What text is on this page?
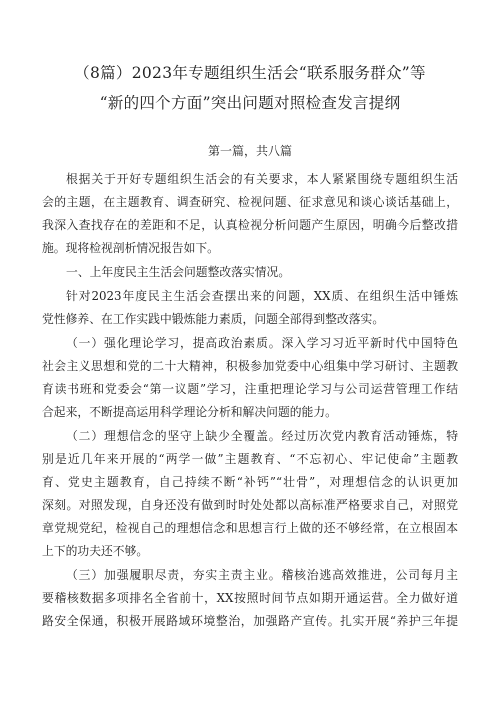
（8篇）2023年专题组织生活会“联系服务群众”等
“新的四个方面”突出问题对照检查发言提纲
第一篇，共八篇
根据关于开好专题组织生活会的有关要求，本人紧紧围绕专题组织生活
会的主题，在主题教育、调查研究、检视问题、征求意见和谈心谈话基础上，
我深入查找存在的差距和不足，认真检视分析问题产生原因，明确今后整改措
施。现将检视剖析情况报告如下。
一、上年度民主生活会问题整改落实情况。
针对2023年度民主生活会查摆出来的问题，XX质、在组织生活中锤炼
党性修养、在工作实践中锻炼能力素质，问题全部得到整改落实。
（一）强化理论学习，提高政治素质。深入学习习近平新时代中国特色
社会主义思想和党的二十大精神，积极参加党委中心组集中学习研讨、主题教
育读书班和党委会“第一议题”学习，注重把理论学习与公司运营管理工作结
合起来，不断提高运用科学理论分析和解决问题的能力。
（二）理想信念的坚守上缺少全覆盖。经过历次党内教育活动锤炼，特
别是近几年来开展的“两学一做”主题教育、“不忘初心、牢记使命”主题教
育、党史主题教育，自己持续不断“补钙”“壮骨”，对理想信念的认识更加
深刻。对照发现，自身还没有做到时时处处都以高标准严格要求自己，对照党
章党规党纪，检视自己的理想信念和思想言行上做的还不够经常，在立根固本
上下的功夫还不够。
（三）加强履职尽责，夯实主责主业。稽核治逃高效推进，公司每月主
要稽核数据多项排名全省前十，XX按照时间节点如期开通运营。全力做好道
路安全保通，积极开展路域环境整治，加强路产宣传。扎实开展“养护三年提
